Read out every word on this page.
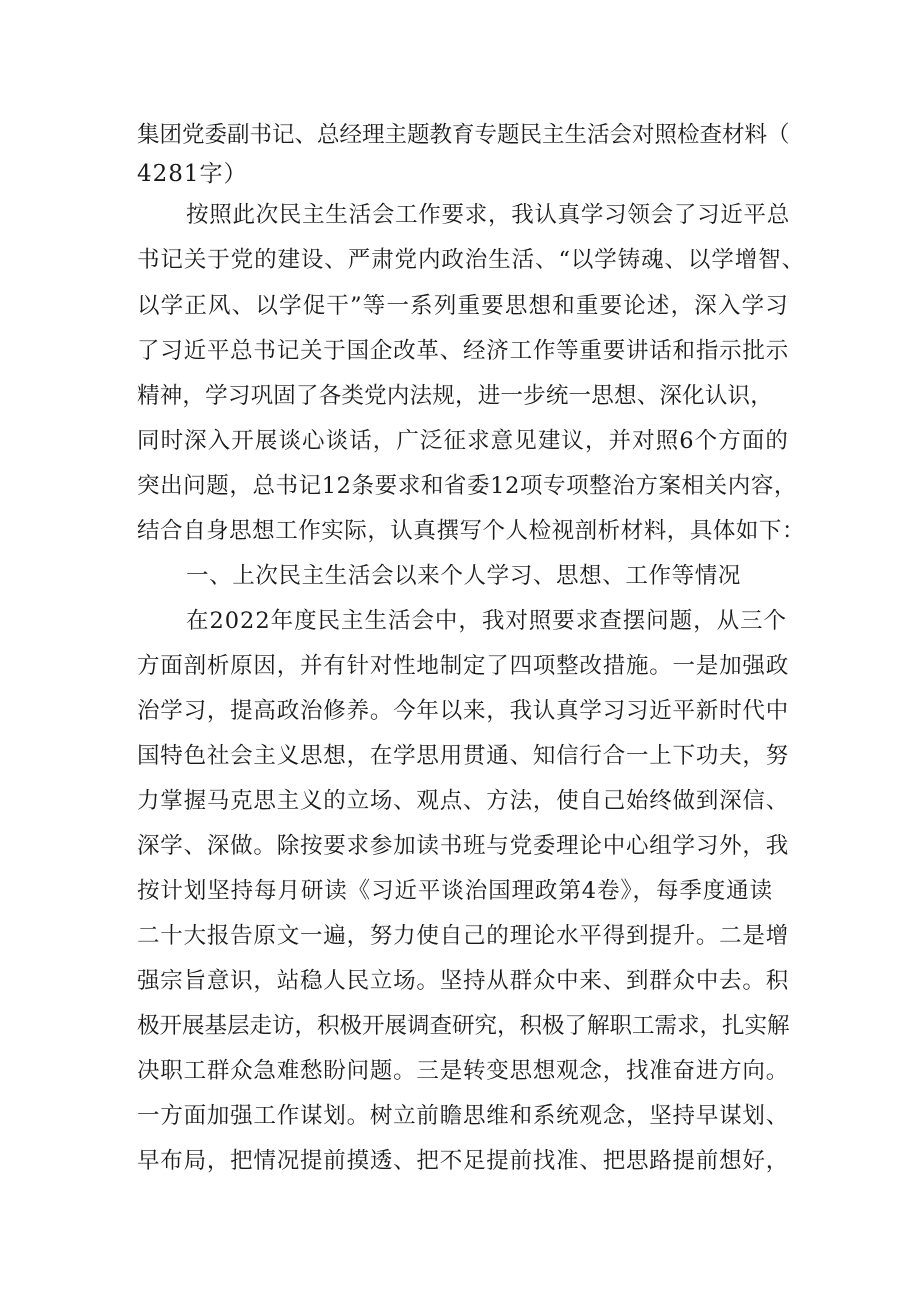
集团党委副书记、总经理主题教育专题民主生活会对照检查材料（
4281字）
按照此次民主生活会工作要求，我认真学习领会了习近平总
书记关于党的建设、严肃党内政治生活、“以学铸魂、以学增智、
以学正风、以学促干”等一系列重要思想和重要论述，深入学习
了习近平总书记关于国企改革、经济工作等重要讲话和指示批示
精神，学习巩固了各类党内法规，进一步统一思想、深化认识，
同时深入开展谈心谈话，广泛征求意见建议，并对照6个方面的
突出问题，总书记12条要求和省委12项专项整治方案相关内容，
结合自身思想工作实际，认真撰写个人检视剖析材料，具体如下：
一、上次民主生活会以来个人学习、思想、工作等情况
在2022年度民主生活会中，我对照要求查摆问题，从三个
方面剖析原因，并有针对性地制定了四项整改措施。一是加强政
治学习，提高政治修养。今年以来，我认真学习习近平新时代中
国特色社会主义思想，在学思用贯通、知信行合一上下功夫，努
力掌握马克思主义的立场、观点、方法，使自己始终做到深信、
深学、深做。除按要求参加读书班与党委理论中心组学习外，我
按计划坚持每月研读《习近平谈治国理政第4卷》，每季度通读
二十大报告原文一遍，努力使自己的理论水平得到提升。二是增
强宗旨意识，站稳人民立场。坚持从群众中来、到群众中去。积
极开展基层走访，积极开展调查研究，积极了解职工需求，扎实解
决职工群众急难愁盼问题。三是转变思想观念，找准奋进方向。
一方面加强工作谋划。树立前瞻思维和系统观念，坚持早谋划、
早布局，把情况提前摸透、把不足提前找准、把思路提前想好，
